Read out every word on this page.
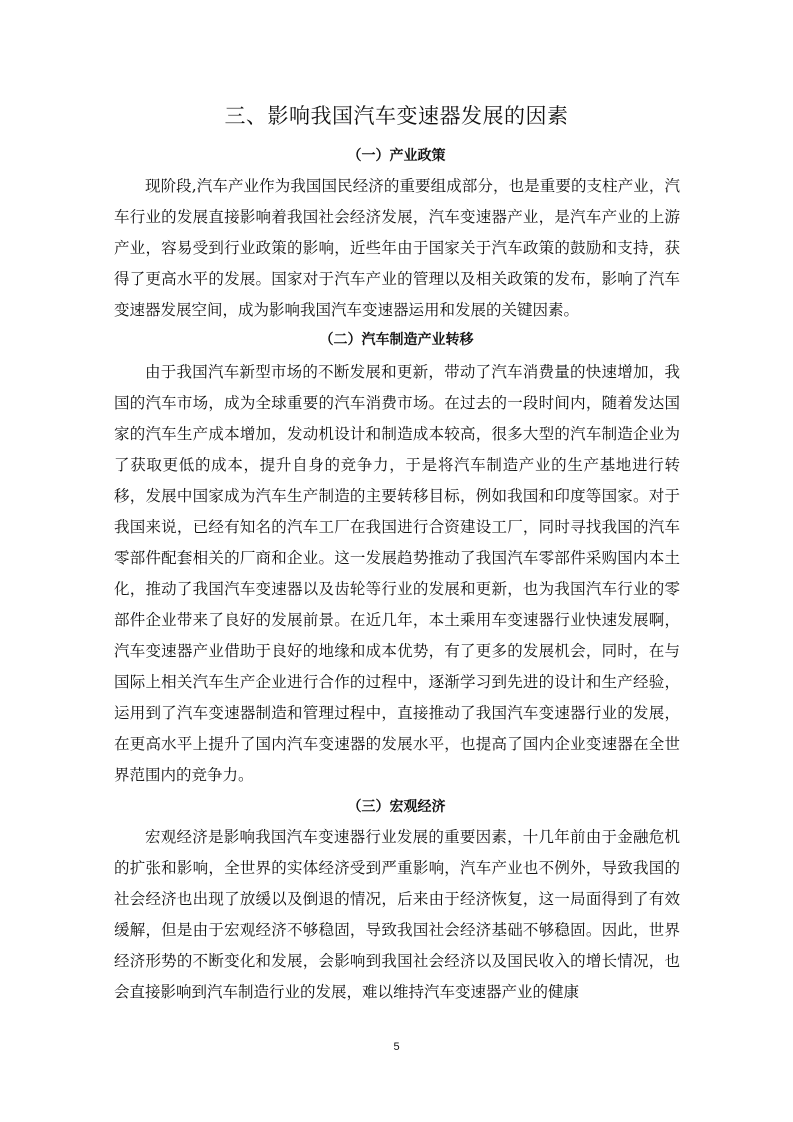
三、影响我国汽车变速器发展的因素
（一）产业政策

现阶段,汽车产业作为我国国民经济的重要组成部分，也是重要的支柱产业，汽车行业的发展直接影响着我国社会经济发展，汽车变速器产业，是汽车产业的上游产业，容易受到行业政策的影响，近些年由于国家关于汽车政策的鼓励和支持，获得了更高水平的发展。国家对于汽车产业的管理以及相关政策的发布，影响了汽车变速器发展空间，成为影响我国汽车变速器运用和发展的关键因素。

（二）汽车制造产业转移

由于我国汽车新型市场的不断发展和更新，带动了汽车消费量的快速增加，我国的汽车市场，成为全球重要的汽车消费市场。在过去的一段时间内，随着发达国家的汽车生产成本增加，发动机设计和制造成本较高，很多大型的汽车制造企业为了获取更低的成本，提升自身的竞争力，于是将汽车制造产业的生产基地进行转移，发展中国家成为汽车生产制造的主要转移目标，例如我国和印度等国家。对于我国来说，已经有知名的汽车工厂在我国进行合资建设工厂，同时寻找我国的汽车零部件配套相关的厂商和企业。这一发展趋势推动了我国汽车零部件采购国内本土化，推动了我国汽车变速器以及齿轮等行业的发展和更新，也为我国汽车行业的零部件企业带来了良好的发展前景。在近几年，本土乘用车变速器行业快速发展啊，汽车变速器产业借助于良好的地缘和成本优势，有了更多的发展机会，同时，在与国际上相关汽车生产企业进行合作的过程中，逐渐学习到先进的设计和生产经验，运用到了汽车变速器制造和管理过程中，直接推动了我国汽车变速器行业的发展，在更高水平上提升了国内汽车变速器的发展水平，也提高了国内企业变速器在全世界范围内的竞争力。

（三）宏观经济

宏观经济是影响我国汽车变速器行业发展的重要因素，十几年前由于金融危机的扩张和影响，全世界的实体经济受到严重影响，汽车产业也不例外，导致我国的社会经济也出现了放缓以及倒退的情况，后来由于经济恢复，这一局面得到了有效缓解，但是由于宏观经济不够稳固，导致我国社会经济基础不够稳固。因此，世界经济形势的不断变化和发展，会影响到我国社会经济以及国民收入的增长情况，也会直接影响到汽车制造行业的发展，难以维持汽车变速器产业的健康

5
